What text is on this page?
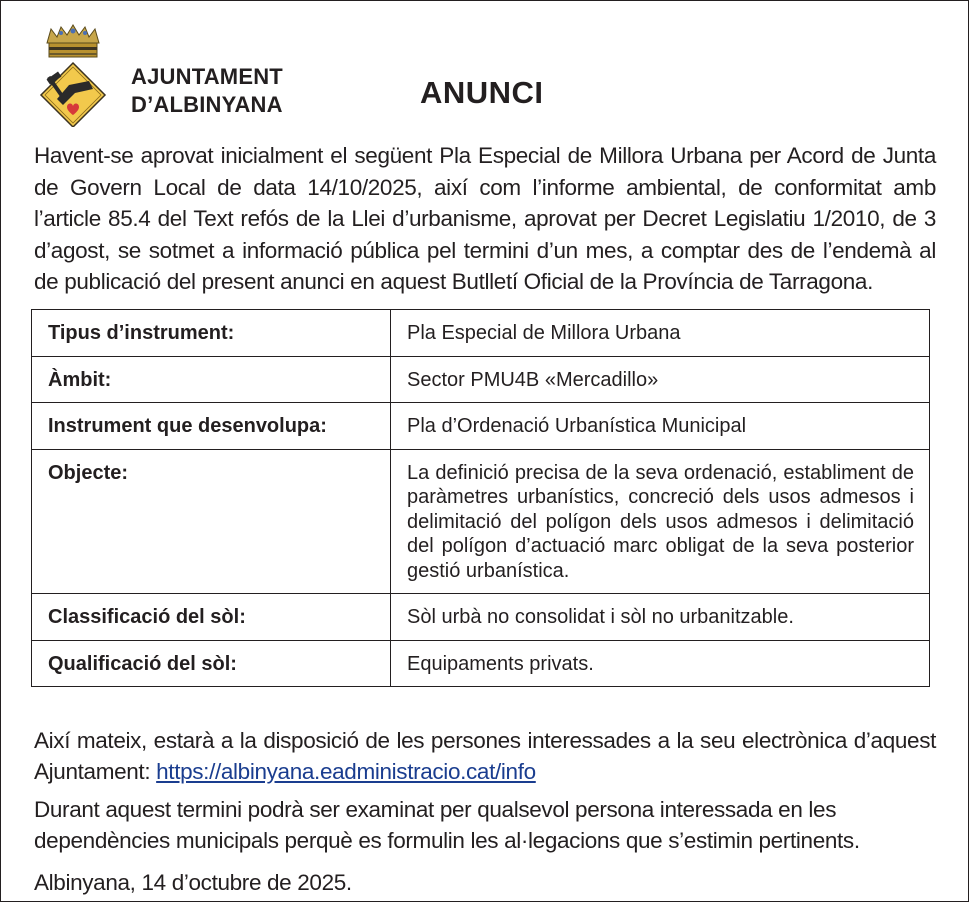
AJUNTAMENT
D’ALBINYANA	ANUNCI
Havent-se aprovat inicialment el següent Pla Especial de Millora Urbana per Acord de Junta de Govern Local de data 14/10/2025, així com l’informe ambiental, de conformitat amb l’article 85.4 del Text refós de la Llei d’urbanisme, aprovat per Decret Legislatiu 1/2010, de 3 d’agost, se sotmet a informació pública pel termini d’un mes, a comptar des de l’endemà al de publicació del present anunci en aquest Butlletí Oficial de la Província de Tarragona.
Tipus d’instrument:	Pla Especial de Millora Urbana
Àmbit:	Sector PMU4B «Mercadillo»
Instrument que desenvolupa:	Pla d’Ordenació Urbanística Municipal
Objecte:	La definició precisa de la seva ordenació, establiment de paràmetres urbanístics, concreció dels usos admesos i delimitació del polígon dels usos admesos i delimitació del polígon d’actuació marc obligat de la seva posterior gestió urbanística.
Classificació del sòl:	Sòl urbà no consolidat i sòl no urbanitzable.
Qualificació del sòl:	Equipaments privats.
Així mateix, estarà a la disposició de les persones interessades a la seu electrònica d’aquest Ajuntament: https://albinyana.eadministracio.cat/info
Durant aquest termini podrà ser examinat per qualsevol persona interessada en les dependències municipals perquè es formulin les al·legacions que s’estimin pertinents.
Albinyana, 14 d’octubre de 2025.
